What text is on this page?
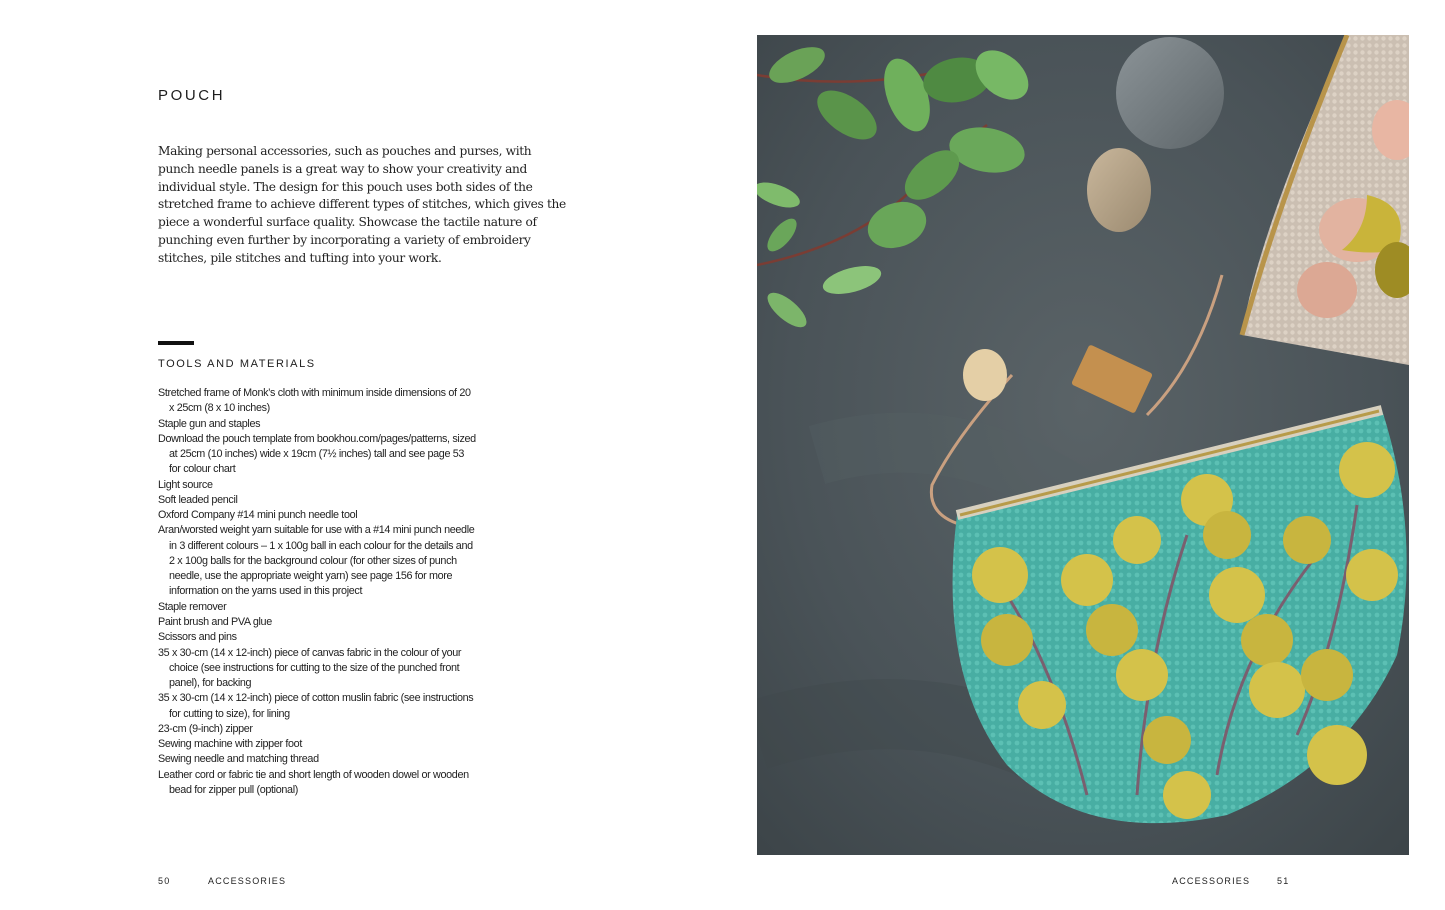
POUCH

Making personal accessories, such as pouches and purses, with punch needle panels is a great way to show your creativity and individual style. The design for this pouch uses both sides of the stretched frame to achieve different types of stitches, which gives the piece a wonderful surface quality. Showcase the tactile nature of punching even further by incorporating a variety of embroidery stitches, pile stitches and tufting into your work.

TOOLS AND MATERIALS
Stretched frame of Monk’s cloth with minimum inside dimensions of 20 x 25cm (8 x 10 inches)
Staple gun and staples
Download the pouch template from bookhou.com/pages/patterns, sized at 25cm (10 inches) wide x 19cm (7½ inches) tall and see page 53 for colour chart
Light source
Soft leaded pencil
Oxford Company #14 mini punch needle tool
Aran/worsted weight yarn suitable for use with a #14 mini punch needle in 3 different colours – 1 x 100g ball in each colour for the details and 2 x 100g balls for the background colour (for other sizes of punch needle, use the appropriate weight yarn) see page 156 for more information on the yarns used in this project
Staple remover
Paint brush and PVA glue
Scissors and pins
35 x 30-cm (14 x 12-inch) piece of canvas fabric in the colour of your choice (see instructions for cutting to the size of the punched front panel), for backing
35 x 30-cm (14 x 12-inch) piece of cotton muslin fabric (see instructions for cutting to size), for lining
23-cm (9-inch) zipper
Sewing machine with zipper foot
Sewing needle and matching thread
Leather cord or fabric tie and short length of wooden dowel or wooden bead for zipper pull (optional)
50	ACCESSORIES	ACCESSORIES	51
